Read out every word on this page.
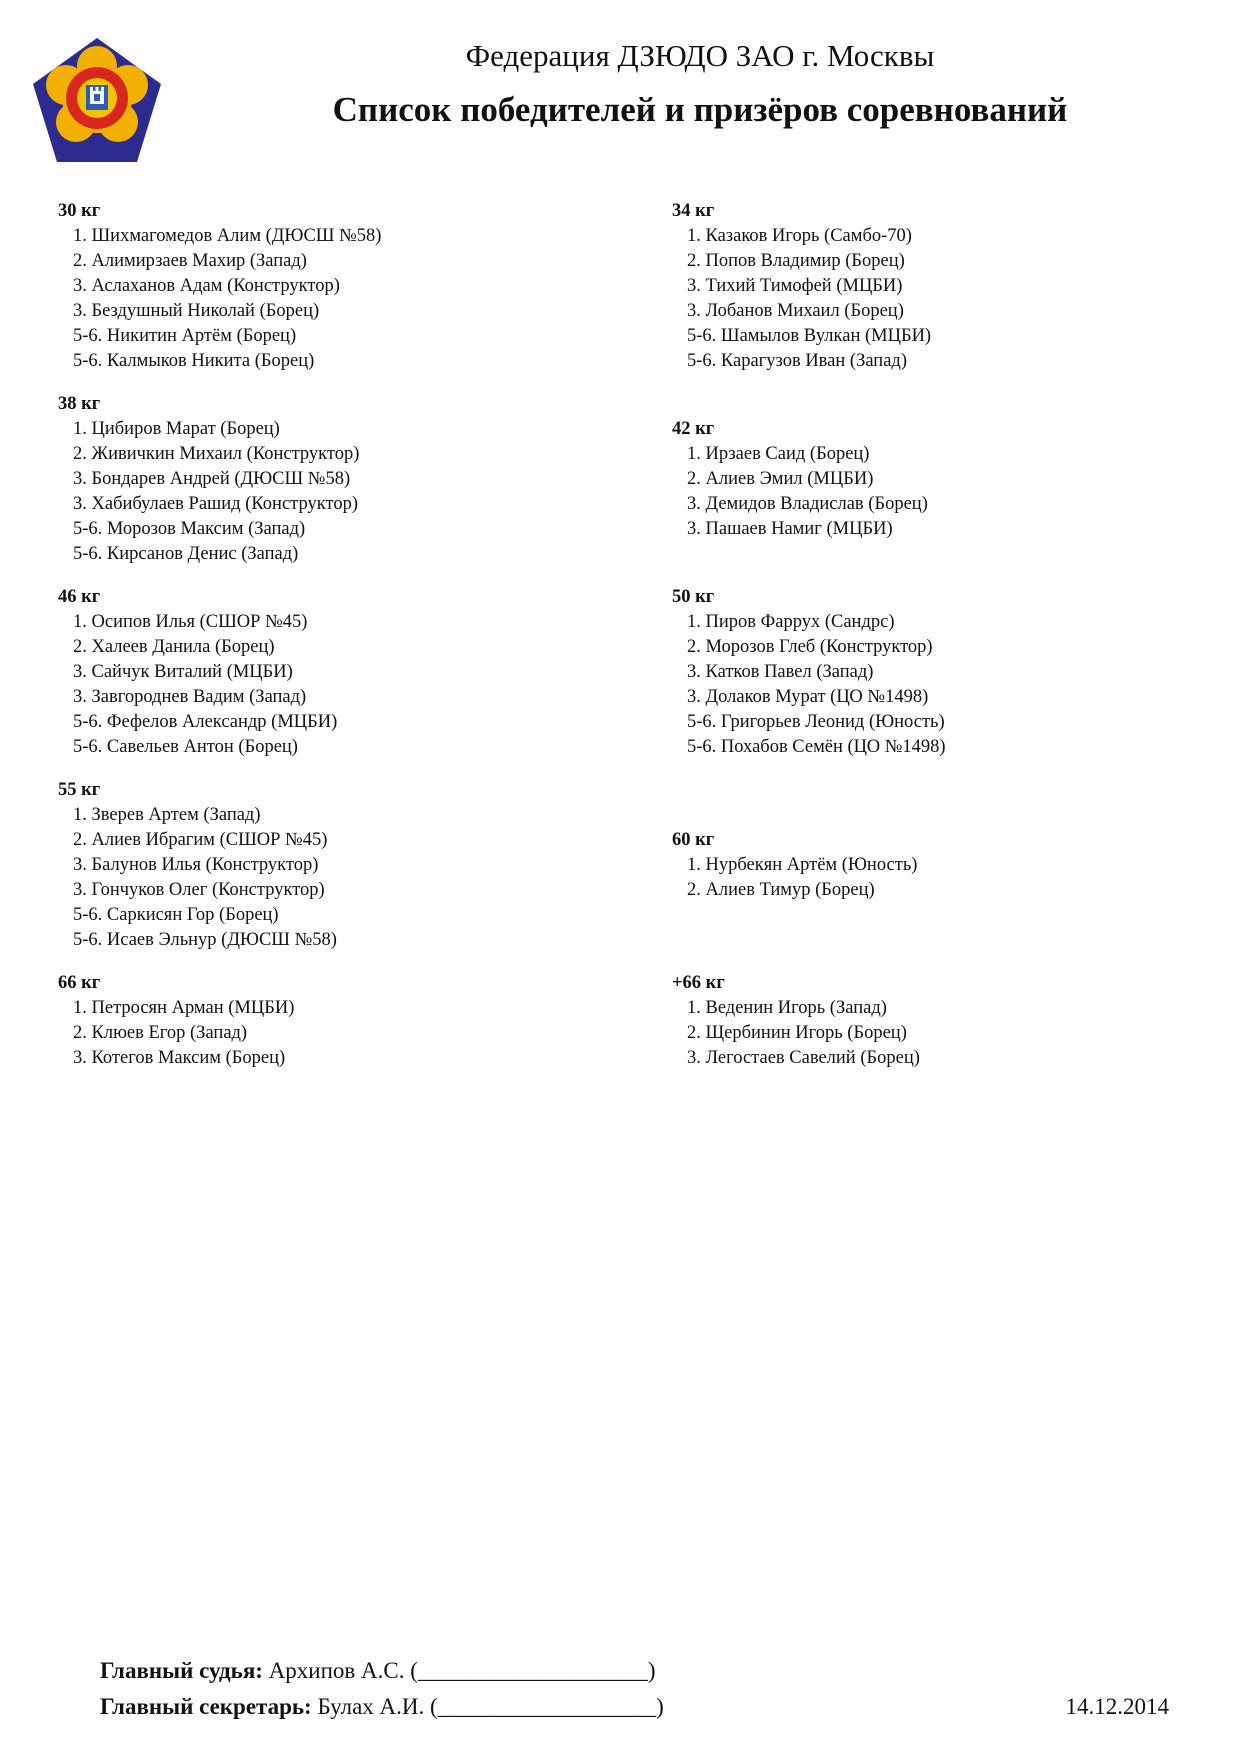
Федерация ДЗЮДО ЗАО г. Москвы
Список победителей и призёров соревнований
30 кг
1. Шихмагомедов Алим (ДЮСШ №58)
2. Алимирзаев Махир (Запад)
3. Аслаханов Адам (Конструктор)
3. Бездушный Николай (Борец)
5-6. Никитин Артём (Борец)
5-6. Калмыков Никита (Борец)
34 кг
1. Казаков Игорь (Самбо-70)
2. Попов Владимир (Борец)
3. Тихий Тимофей (МЦБИ)
3. Лобанов Михаил (Борец)
5-6. Шамылов Вулкан (МЦБИ)
5-6. Карагузов Иван (Запад)
38 кг
1. Цибиров Марат (Борец)
2. Живичкин Михаил (Конструктор)
3. Бондарев Андрей (ДЮСШ №58)
3. Хабибулаев Рашид (Конструктор)
5-6. Морозов Максим (Запад)
5-6. Кирсанов Денис (Запад)
42 кг
1. Ирзаев Саид (Борец)
2. Алиев Эмил (МЦБИ)
3. Демидов Владислав (Борец)
3. Пашаев Намиг (МЦБИ)
46 кг
1. Осипов Илья (СШОР №45)
2. Халеев Данила (Борец)
3. Сайчук Виталий (МЦБИ)
3. Завгороднев Вадим (Запад)
5-6. Фефелов Александр (МЦБИ)
5-6. Савельев Антон (Борец)
50 кг
1. Пиров Фаррух (Сандрс)
2. Морозов Глеб (Конструктор)
3. Катков Павел (Запад)
3. Долаков Мурат (ЦО №1498)
5-6. Григорьев Леонид (Юность)
5-6. Похабов Семён (ЦО №1498)
55 кг
1. Зверев Артем (Запад)
2. Алиев Ибрагим (СШОР №45)
3. Балунов Илья (Конструктор)
3. Гончуков Олег (Конструктор)
5-6. Саркисян Гор (Борец)
5-6. Исаев Эльнур (ДЮСШ №58)
60 кг
1. Нурбекян Артём (Юность)
2. Алиев Тимур (Борец)
66 кг
1. Петросян Арман (МЦБИ)
2. Клюев Егор (Запад)
3. Котегов Максим (Борец)
+66 кг
1. Веденин Игорь (Запад)
2. Щербинин Игорь (Борец)
3. Легостаев Савелий (Борец)
Главный судья: Архипов А.С. (____________________)
Главный секретарь: Булах А.И. (___________________)	14.12.2014
